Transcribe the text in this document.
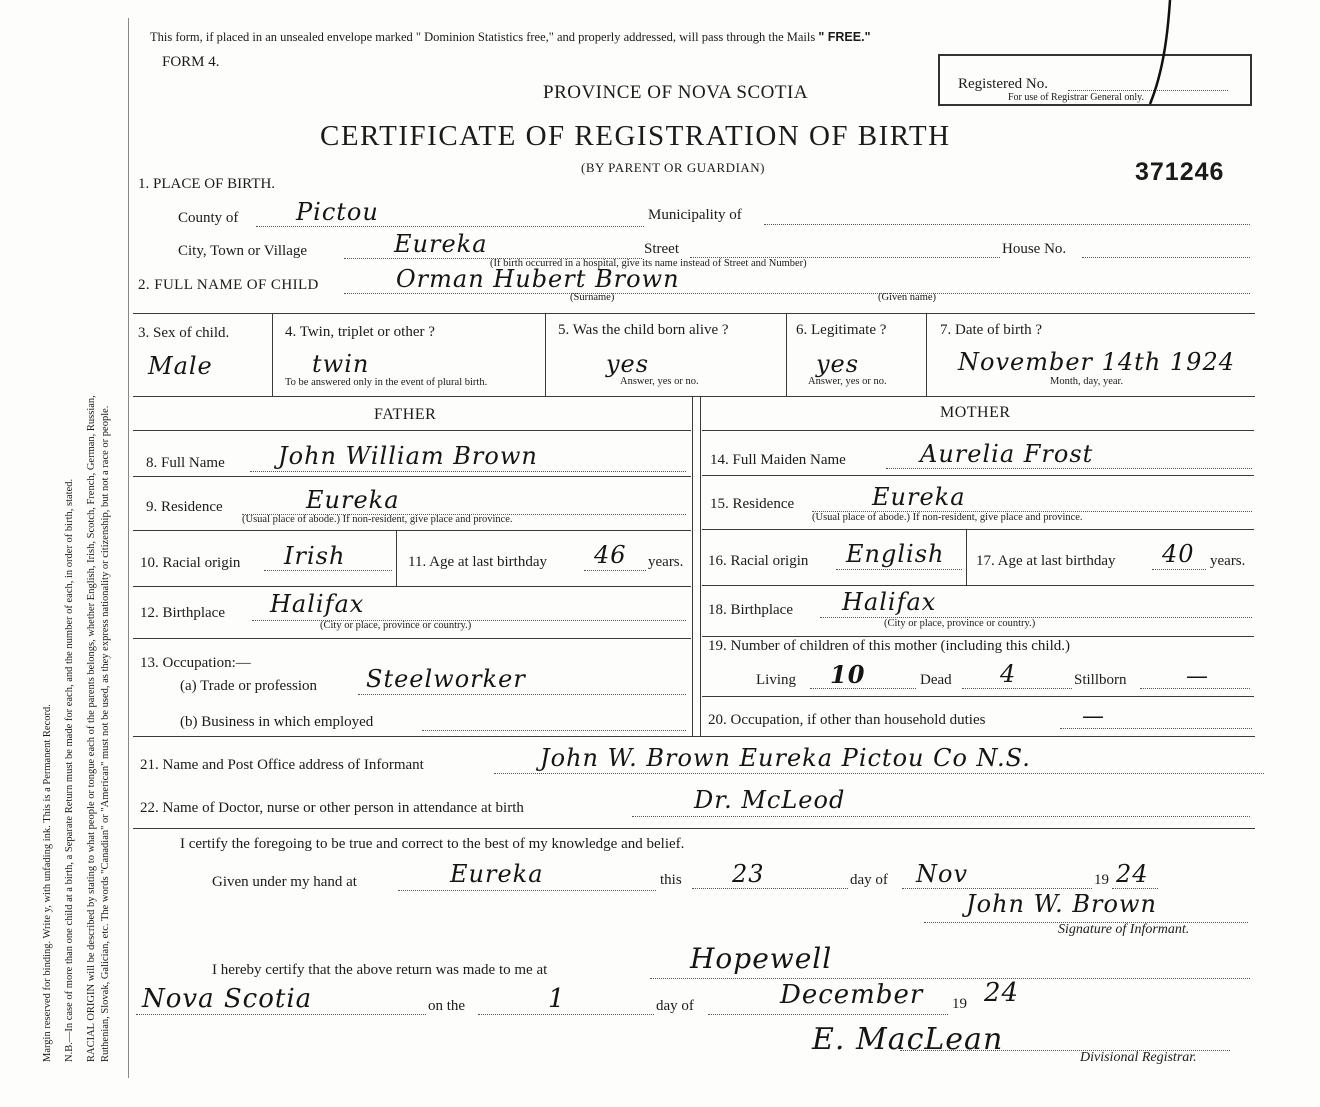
Margin reserved for binding. Write y, with unfading ink. This is a Permanent Record. N.B.—In case of more than one child at a birth, a Separate Return must be made for each, and the number of each, in order of birth, stated. RACIAL ORIGIN will be described by stating to what people or tongue each of the parents belongs, whether English, Irish, Scotch, French, German, Russian, Ruthenian, Slovak, Galician, etc. The words "Canadian" or "American" must not be used, as they express nationality or citizenship, but not a race or people.
This form, if placed in an unsealed envelope marked " Dominion Statistics free," and properly addressed, will pass through the Mails " FREE."
FORM 4.
PROVINCE OF NOVA SCOTIA
CERTIFICATE OF REGISTRATION OF BIRTH
(BY PARENT OR GUARDIAN)
Registered No.
For use of Registrar General only.
371246
1. PLACE OF BIRTH.
County of Pictou	Municipality of
City, Town or Village	Eureka	Street	House No.
(If birth occurred in a hospital, give its name instead of Street and Number)
2. FULL NAME OF CHILD	Orman Hubert Brown
(Surname)	(Given name)
3. Sex of child.
Male
4. Twin, triplet or other ?
twin
To be answered only in the event of plural birth.
5. Was the child born alive ?
yes
Answer, yes or no.
6. Legitimate ?
yes
Answer, yes or no.
7. Date of birth ?
November 14th 1924
Month, day, year.
FATHER	MOTHER
8. Full Name John William Brown
9. Residence	Eureka
(Usual place of abode.) If non-resident, give place and province.
10. Racial origin Irish	11. Age at last birthday 46 years.
12. Birthplace Halifax
(City or place, province or country.)
13. Occupation:—
(a) Trade or profession Steelworker
(b) Business in which employed
14. Full Maiden Name	Aurelia Frost
15. Residence	Eureka
(Usual place of abode.) If non-resident, give place and province.
16. Racial origin English 17. Age at last birthday 40 years.
18. Birthplace Halifax
(City or place, province or country.)
19. Number of children of this mother (including this child.)
Living 10	Dead 4	Stillborn	—
20. Occupation, if other than household duties	—
21. Name and Post Office address of Informant	John W. Brown Eureka Pictou Co N.S.
22. Name of Doctor, nurse or other person in attendance at birth	Dr. McLeod
I certify the foregoing to be true and correct to the best of my knowledge and belief.
Given under my hand at	Eureka	this 23	day of Nov	19 24
John W. Brown
Signature of Informant.
I hereby certify that the above return was made to me at	Hopewell
Nova Scotia	on the	1	day of	December 19 24
E. MacLean
Divisional Registrar.
